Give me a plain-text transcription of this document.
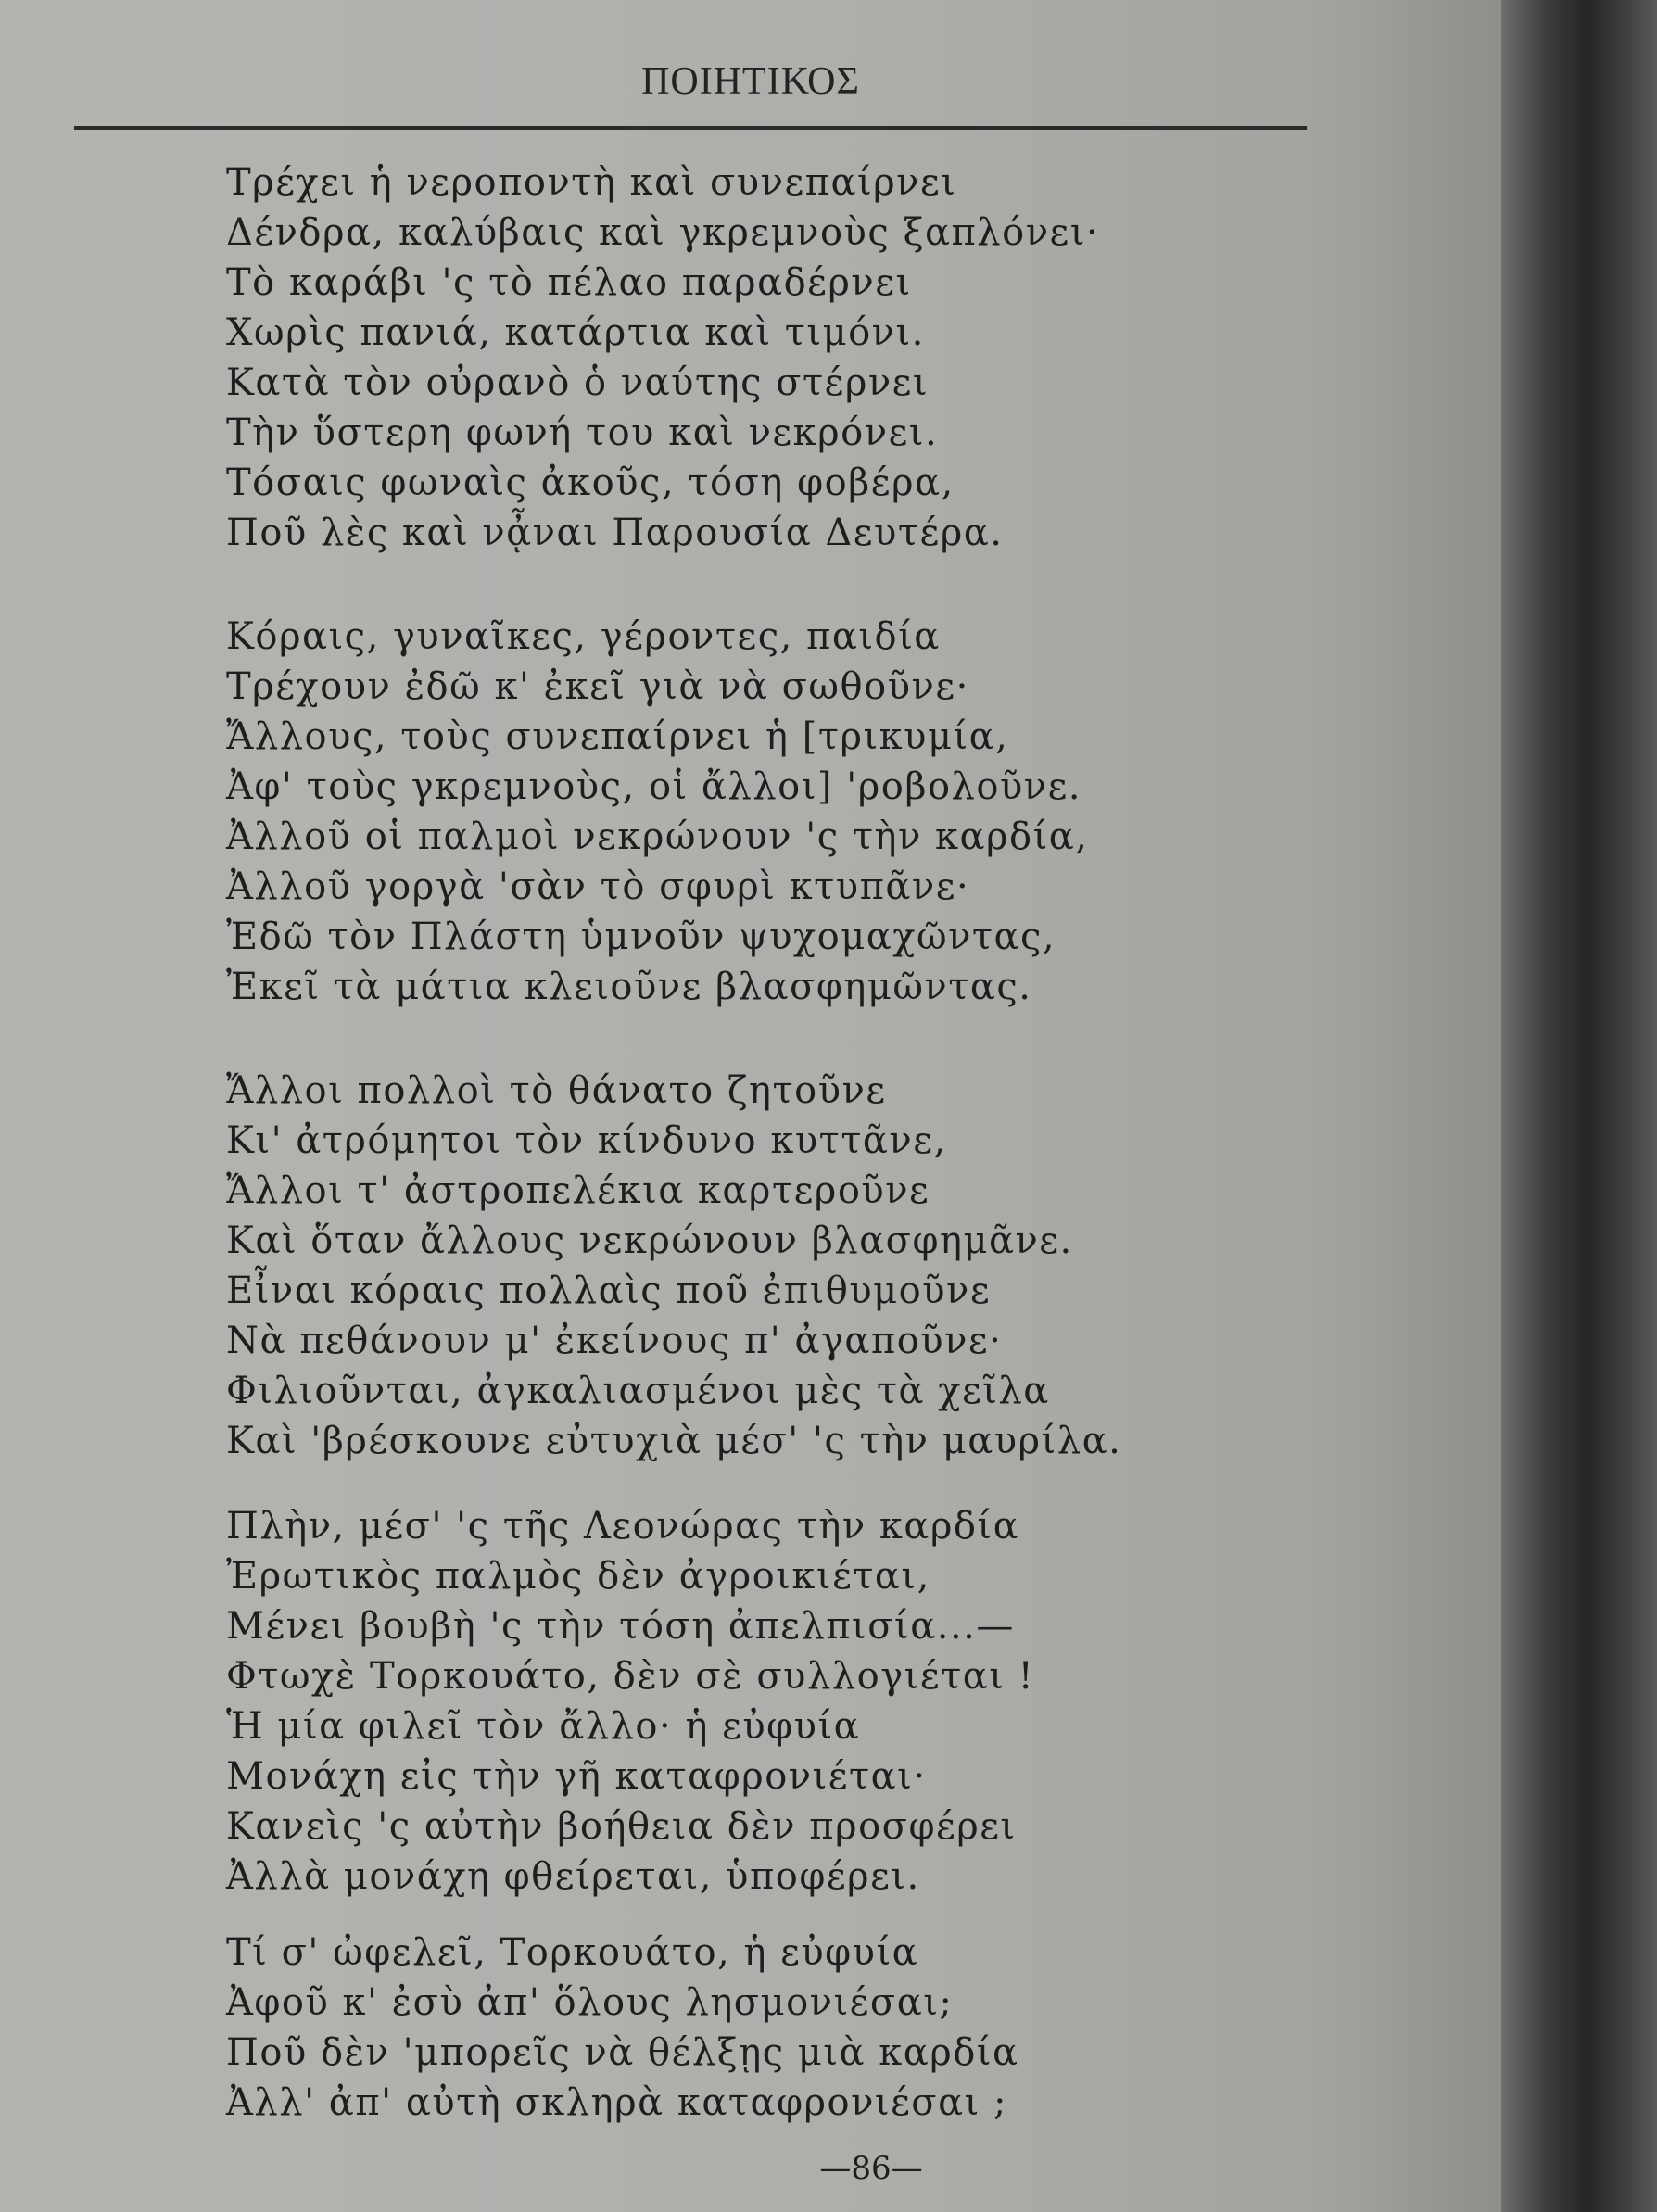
ΠΟΙΗΤΙΚΟΣ
Τρέχει ἡ νεροποντὴ καὶ συνεπαίρνει
Δένδρα, καλύβαις καὶ γκρεμνοὺς ξαπλόνει·
Τὸ καράβι 'ς τὸ πέλαο παραδέρνει
Χωρὶς πανιά, κατάρτια καὶ τιμόνι.
Κατὰ τὸν οὐρανὸ ὁ ναύτης στέρνει
Τὴν ὕστερη φωνή του καὶ νεκρόνει.
Τόσαις φωναὶς ἀκοῦς, τόση φοβέρα,
Ποῦ λὲς καὶ νᾆναι Παρουσία Δευτέρα.
Κόραις, γυναῖκες, γέροντες, παιδία
Τρέχουν ἐδῶ κ' ἐκεῖ γιὰ νὰ σωθοῦνε·
Ἄλλους, τοὺς συνεπαίρνει ἡ [τρικυμία,
Ἀφ' τοὺς γκρεμνοὺς, οἱ ἄλλοι] 'ροβολοῦνε.
Ἀλλοῦ οἱ παλμοὶ νεκρώνουν 'ς τὴν καρδία,
Ἀλλοῦ γοργὰ 'σὰν τὸ σφυρὶ κτυπᾶνε·
Ἐδῶ τὸν Πλάστη ὑμνοῦν ψυχομαχῶντας,
Ἐκεῖ τὰ μάτια κλειοῦνε βλασφημῶντας.
Ἄλλοι πολλοὶ τὸ θάνατο ζητοῦνε
Κι' ἀτρόμητοι τὸν κίνδυνο κυττᾶνε,
Ἄλλοι τ' ἀστροπελέκια καρτεροῦνε
Καὶ ὅταν ἄλλους νεκρώνουν βλασφημᾶνε.
Εἶναι κόραις πολλαὶς ποῦ ἐπιθυμοῦνε
Νὰ πεθάνουν μ' ἐκείνους π' ἀγαποῦνε·
Φιλιοῦνται, ἀγκαλιασμένοι μὲς τὰ χεῖλα
Καὶ 'βρέσκουνε εὐτυχιὰ μέσ' 'ς τὴν μαυρίλα.
Πλὴν, μέσ' 'ς τῆς Λεονώρας τὴν καρδία
Ἐρωτικὸς παλμὸς δὲν ἀγροικιέται,
Μένει βουβὴ 'ς τὴν τόση ἀπελπισία...—
Φτωχὲ Τορκουάτο, δὲν σὲ συλλογιέται !
Ἡ μία φιλεῖ τὸν ἄλλο· ἡ εὐφυία
Μονάχη εἰς τὴν γῆ καταφρονιέται·
Κανεὶς 'ς αὐτὴν βοήθεια δὲν προσφέρει
Ἀλλὰ μονάχη φθείρεται, ὑποφέρει.
Τί σ' ὠφελεῖ, Τορκουάτο, ἡ εὐφυία
Ἀφοῦ κ' ἐσὺ ἀπ' ὅλους λησμονιέσαι;
Ποῦ δὲν 'μπορεῖς νὰ θέλξῃς μιὰ καρδία
Ἀλλ' ἀπ' αὐτὴ σκληρὰ καταφρονιέσαι ;
—86—
